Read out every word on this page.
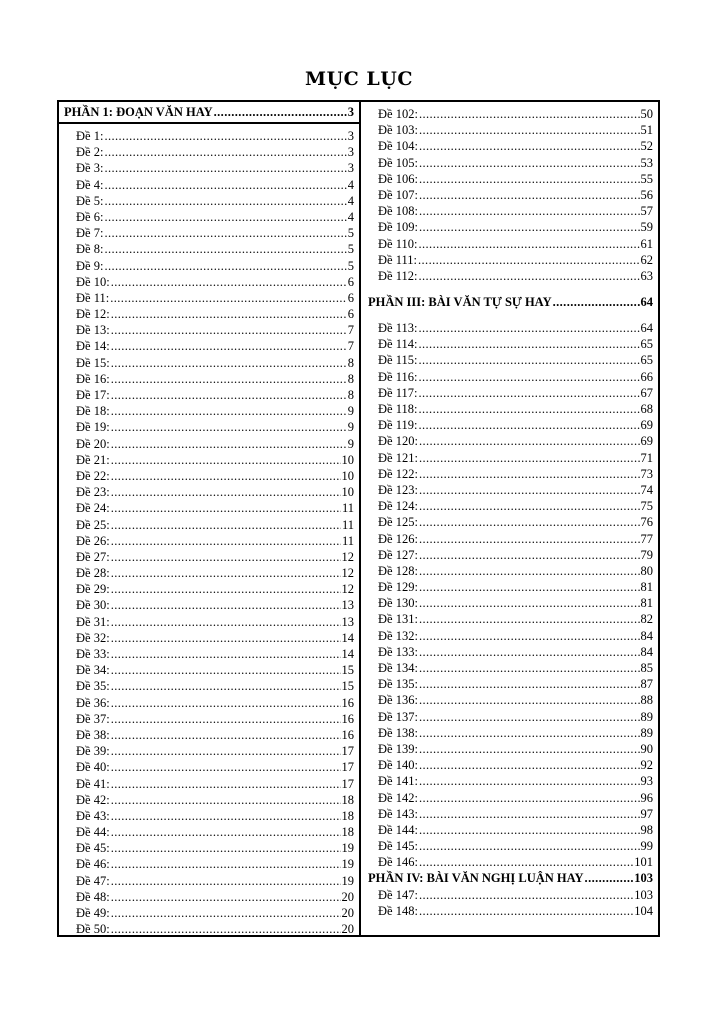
MỤC LỤC
PHẦN 1: ĐOẠN VĂN HAY .....	3
Đề 1: .....	3
Đề 2: .....	3
Đề 3: .....	3
Đề 4: .....	4
Đề 5: .....	4
Đề 6: .....	4
Đề 7: .....	5
Đề 8: .....	5
Đề 9: .....	5
Đề 10: .....	6
Đề 11: .....	6
Đề 12: .....	6
Đề 13: .....	7
Đề 14: .....	7
Đề 15: .....	8
Đề 16: .....	8
Đề 17: .....	8
Đề 18: .....	9
Đề 19: .....	9
Đề 20: .....	9
Đề 21: .....	10
Đề 22: .....	10
Đề 23: .....	10
Đề 24: .....	11
Đề 25: .....	11
Đề 26: .....	11
Đề 27: .....	12
Đề 28: .....	12
Đề 29: .....	12
Đề 30: .....	13
Đề 31: .....	13
Đề 32: .....	14
Đề 33: .....	14
Đề 34: .....	15
Đề 35: .....	15
Đề 36: .....	16
Đề 37: .....	16
Đề 38: .....	16
Đề 39: .....	17
Đề 40: .....	17
Đề 41: .....	17
Đề 42: .....	18
Đề 43: .....	18
Đề 44: .....	18
Đề 45: .....	19
Đề 46: .....	19
Đề 47: .....	19
Đề 48: .....	20
Đề 49: .....	20
Đề 50: .....	20
Đề 102: .....	50
Đề 103: .....	51
Đề 104: .....	52
Đề 105: .....	53
Đề 106: .....	55
Đề 107: .....	56
Đề 108: .....	57
Đề 109: .....	59
Đề 110: .....	61
Đề 111: .....	62
Đề 112: .....	63
PHẦN III: BÀI VĂN TỰ SỰ HAY .....	64
Đề 113: .....	64
Đề 114: .....	65
Đề 115: .....	65
Đề 116: .....	66
Đề 117: .....	67
Đề 118: .....	68
Đề 119: .....	69
Đề 120: .....	69
Đề 121: .....	71
Đề 122: .....	73
Đề 123: .....	74
Đề 124: .....	75
Đề 125: .....	76
Đề 126: .....	77
Đề 127: .....	79
Đề 128: .....	80
Đề 129: .....	81
Đề 130: .....	81
Đề 131: .....	82
Đề 132: .....	84
Đề 133: .....	84
Đề 134: .....	85
Đề 135: .....	87
Đề 136: .....	88
Đề 137: .....	89
Đề 138: .....	89
Đề 139: .....	90
Đề 140: .....	92
Đề 141: .....	93
Đề 142: .....	96
Đề 143: .....	97
Đề 144: .....	98
Đề 145: .....	99
Đề 146: .....	101
PHẦN IV: BÀI VĂN NGHỊ LUẬN HAY .....	103
Đề 147: .....	103
Đề 148: .....	104
